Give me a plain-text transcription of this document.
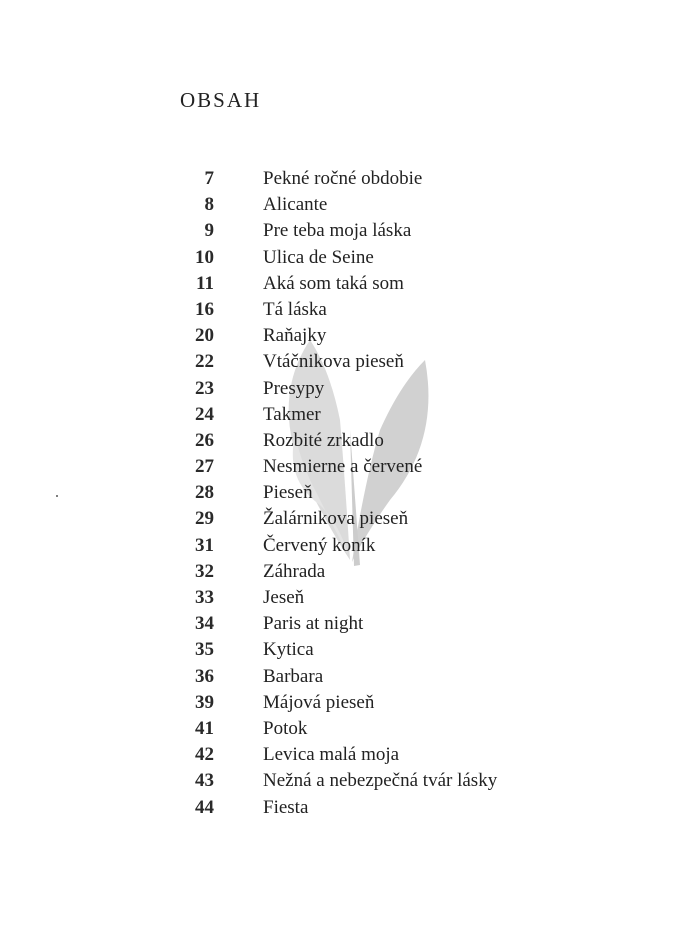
OBSAH
7	Pekné ročné obdobie
8	Alicante
9	Pre teba moja láska
10	Ulica de Seine
11	Aká som taká som
16	Tá láska
20	Raňajky
22	Vtáčnikova pieseň
23	Presypy
24	Takmer
26	Rozbité zrkadlo
27	Nesmierne a červené
28	Pieseň
29	Žalárnikova pieseň
31	Červený koník
32	Záhrada
33	Jeseň
34	Paris at night
35	Kytica
36	Barbara
39	Májová pieseň
41	Potok
42	Levica malá moja
43	Nežná a nebezpečná tvár lásky
44	Fiesta
